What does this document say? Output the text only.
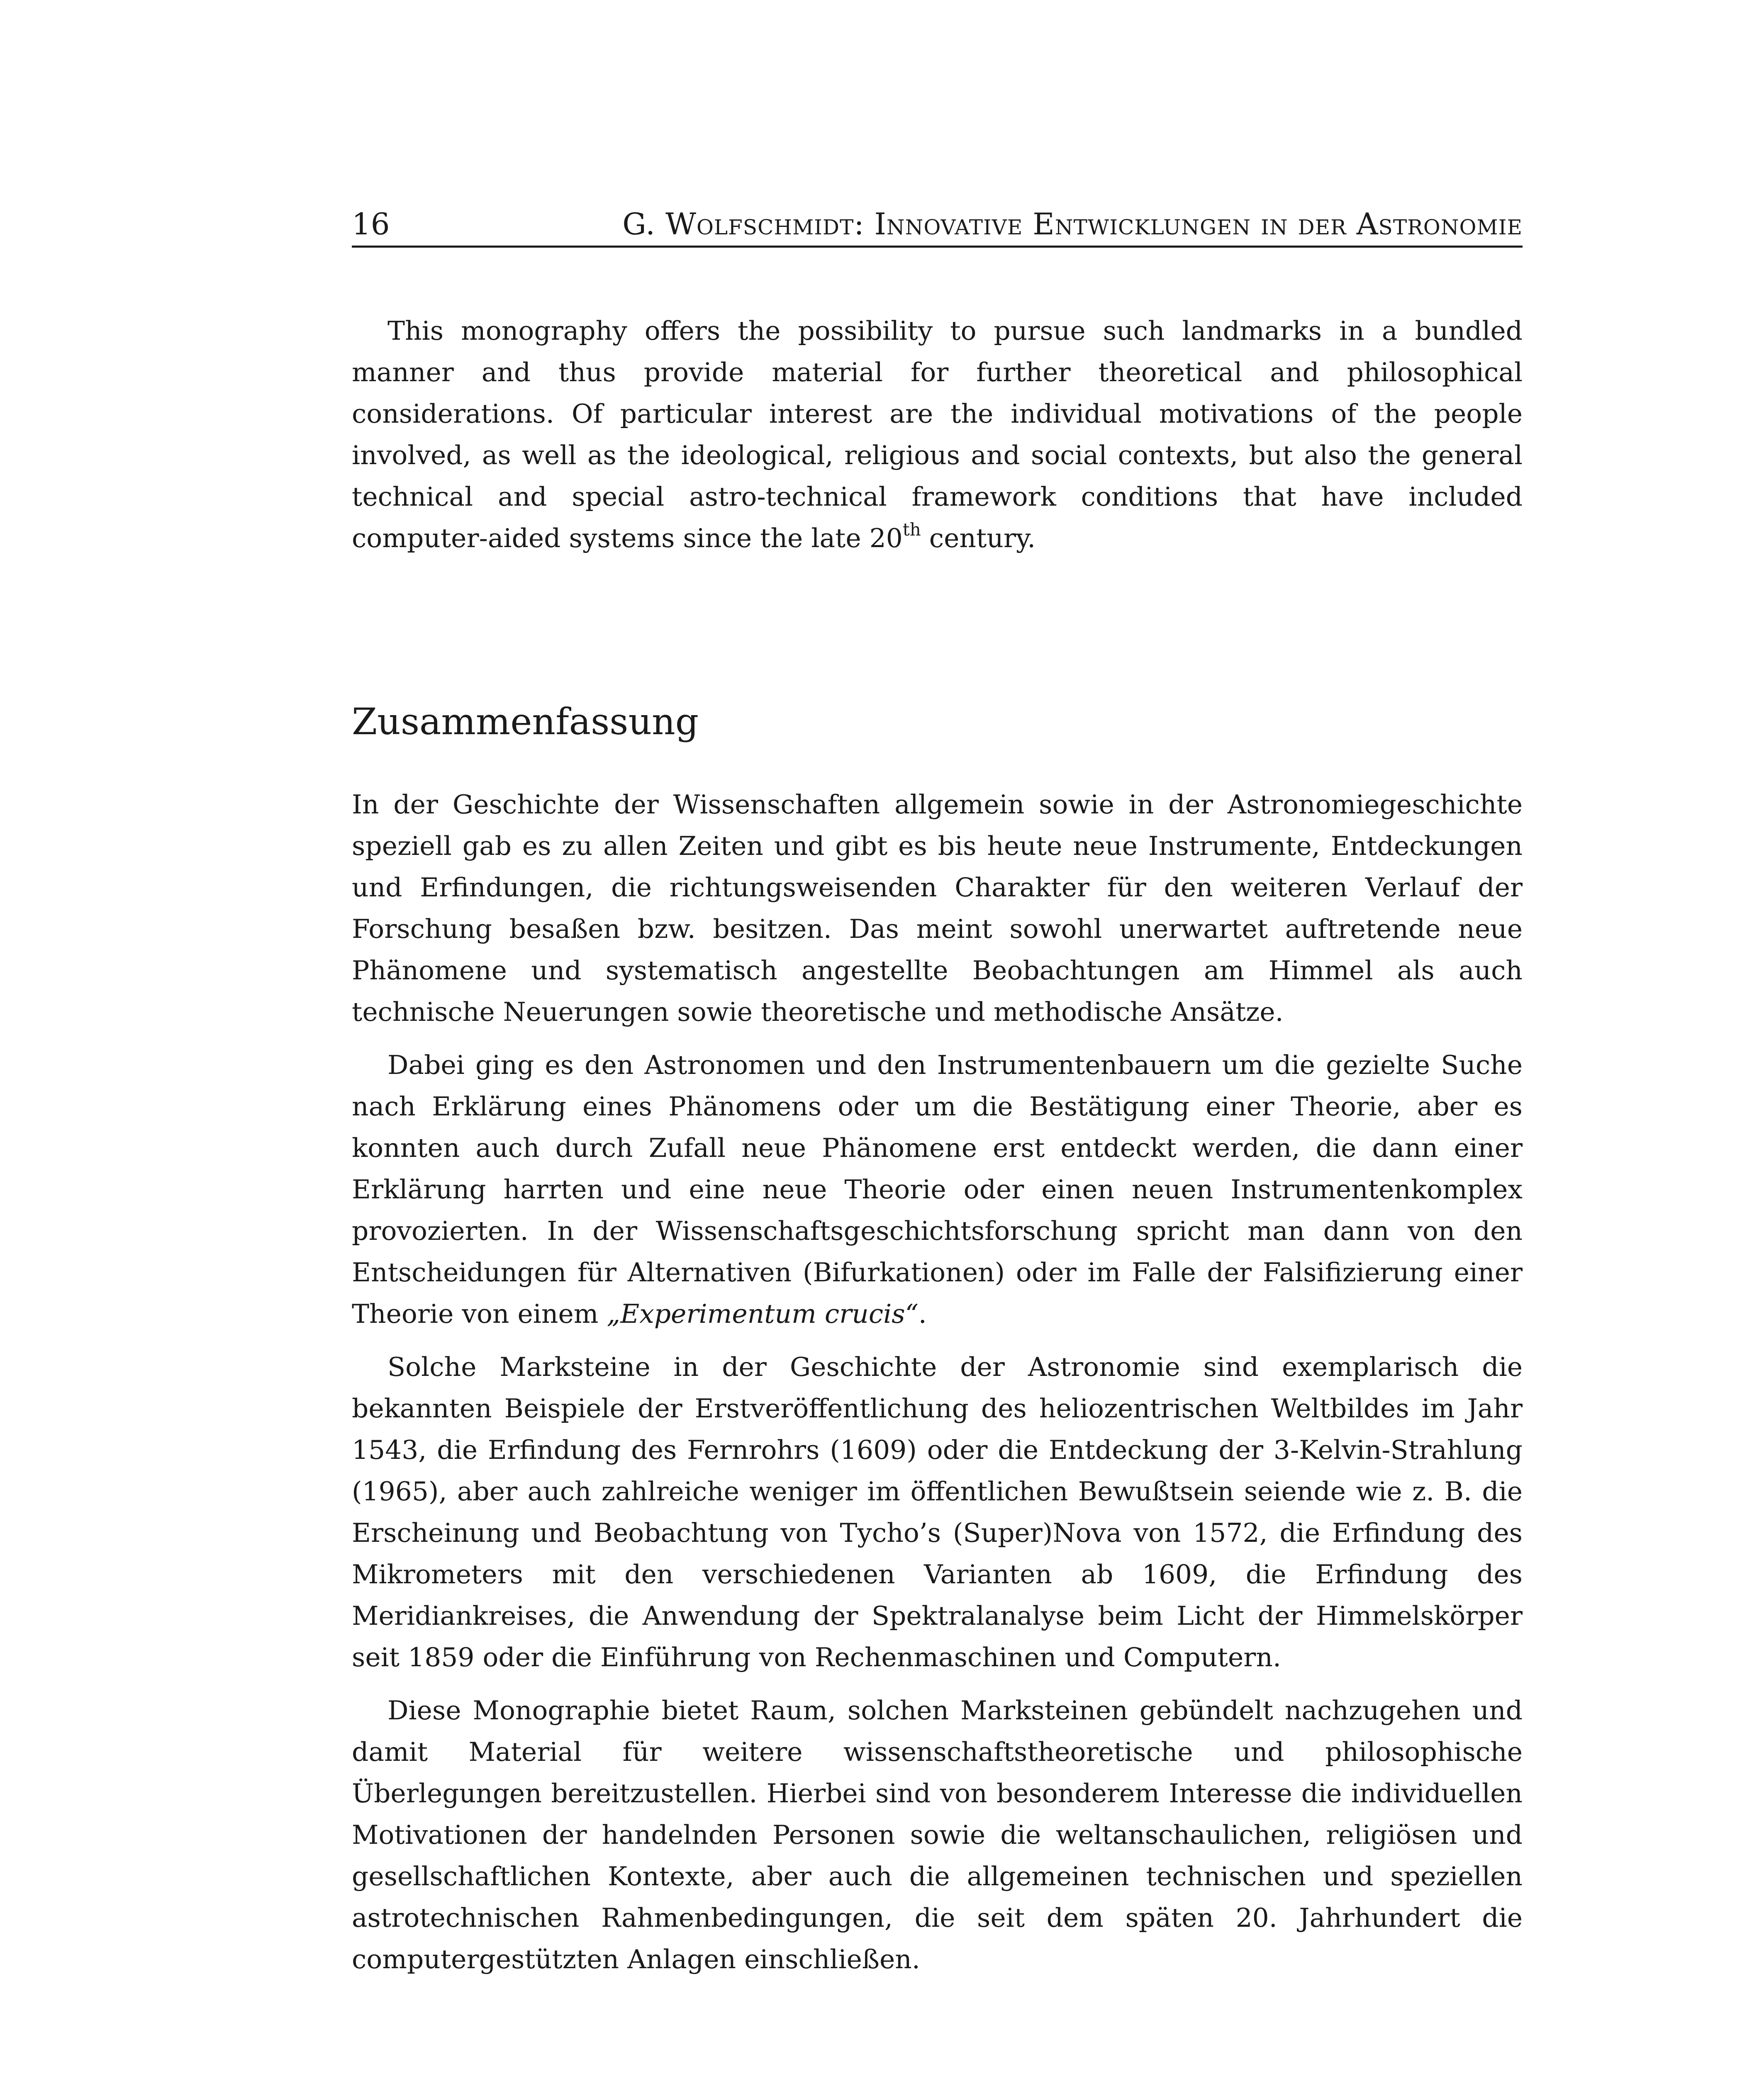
16	G. Wolfschmidt: Innovative Entwicklungen in der Astronomie

This monography offers the possibility to pursue such landmarks in a bundled manner and thus provide material for further theoretical and philosophical considerations. Of particular interest are the individual motivations of the people involved, as well as the ideological, religious and social contexts, but also the general technical and special astro-technical framework conditions that have included computer-aided systems since the late 20th century.

Zusammenfassung

In der Geschichte der Wissenschaften allgemein sowie in der Astronomiegeschichte speziell gab es zu allen Zeiten und gibt es bis heute neue Instrumente, Entdeckungen und Erfindungen, die richtungsweisenden Charakter für den weiteren Verlauf der Forschung besaßen bzw. besitzen. Das meint sowohl unerwartet auftretende neue Phänomene und systematisch angestellte Beobachtungen am Himmel als auch technische Neuerungen sowie theoretische und methodische Ansätze.

Dabei ging es den Astronomen und den Instrumentenbauern um die gezielte Suche nach Erklärung eines Phänomens oder um die Bestätigung einer Theorie, aber es konnten auch durch Zufall neue Phänomene erst entdeckt werden, die dann einer Erklärung harrten und eine neue Theorie oder einen neuen Instrumentenkomplex provozierten. In der Wissenschaftsgeschichtsforschung spricht man dann von den Entscheidungen für Alternativen (Bifurkationen) oder im Falle der Falsifizierung einer Theorie von einem „Experimentum crucis“.

Solche Marksteine in der Geschichte der Astronomie sind exemplarisch die bekannten Beispiele der Erstveröffentlichung des heliozentrischen Weltbildes im Jahr 1543, die Erfindung des Fernrohrs (1609) oder die Entdeckung der 3-Kelvin-Strahlung (1965), aber auch zahlreiche weniger im öffentlichen Bewußtsein seiende wie z. B. die Erscheinung und Beobachtung von Tycho’s (Super)Nova von 1572, die Erfindung des Mikrometers mit den verschiedenen Varianten ab 1609, die Erfindung des Meridiankreises, die Anwendung der Spektralanalyse beim Licht der Himmelskörper seit 1859 oder die Einführung von Rechenmaschinen und Computern.

Diese Monographie bietet Raum, solchen Marksteinen gebündelt nachzugehen und damit Material für weitere wissenschaftstheoretische und philosophische Überlegungen bereitzustellen. Hierbei sind von besonderem Interesse die individuellen Motivationen der handelnden Personen sowie die weltanschaulichen, religiösen und gesellschaftlichen Kontexte, aber auch die allgemeinen technischen und speziellen astrotechnischen Rahmenbedingungen, die seit dem späten 20. Jahrhundert die computergestützten Anlagen einschließen.
